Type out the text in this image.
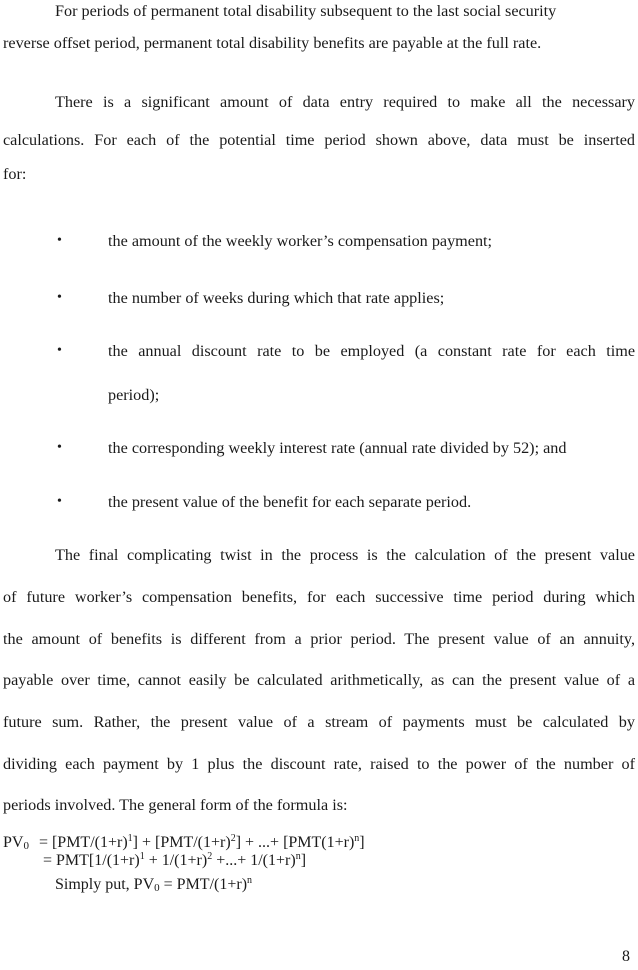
For periods of permanent total disability subsequent to the last social security
reverse offset period, permanent total disability benefits are payable at the full rate.
There is a significant amount of data entry required to make all the necessary
calculations. For each of the potential time period shown above, data must be inserted
for:
•	the amount of the weekly worker’s compensation payment;
•	the number of weeks during which that rate applies;
•	the annual discount rate to be employed (a constant rate for each time
period);
•	the corresponding weekly interest rate (annual rate divided by 52); and
•	the present value of the benefit for each separate period.
The final complicating twist in the process is the calculation of the present value
of future worker’s compensation benefits, for each successive time period during which
the amount of benefits is different from a prior period. The present value of an annuity,
payable over time, cannot easily be calculated arithmetically, as can the present value of a
future sum. Rather, the present value of a stream of payments must be calculated by
dividing each payment by 1 plus the discount rate, raised to the power of the number of
periods involved. The general form of the formula is:
$PV_0 = [PMT/(1+r)^1] + [PMT/(1+r)^2]$ + ...+ $[PMT(1+r)^n]$
= $PMT[1/(1+r)^1 + 1/(1+r)^2$ +...+ $1/(1+r)^n$]
Simply put, $PV_0 = PMT/(1+r)^n$
8
